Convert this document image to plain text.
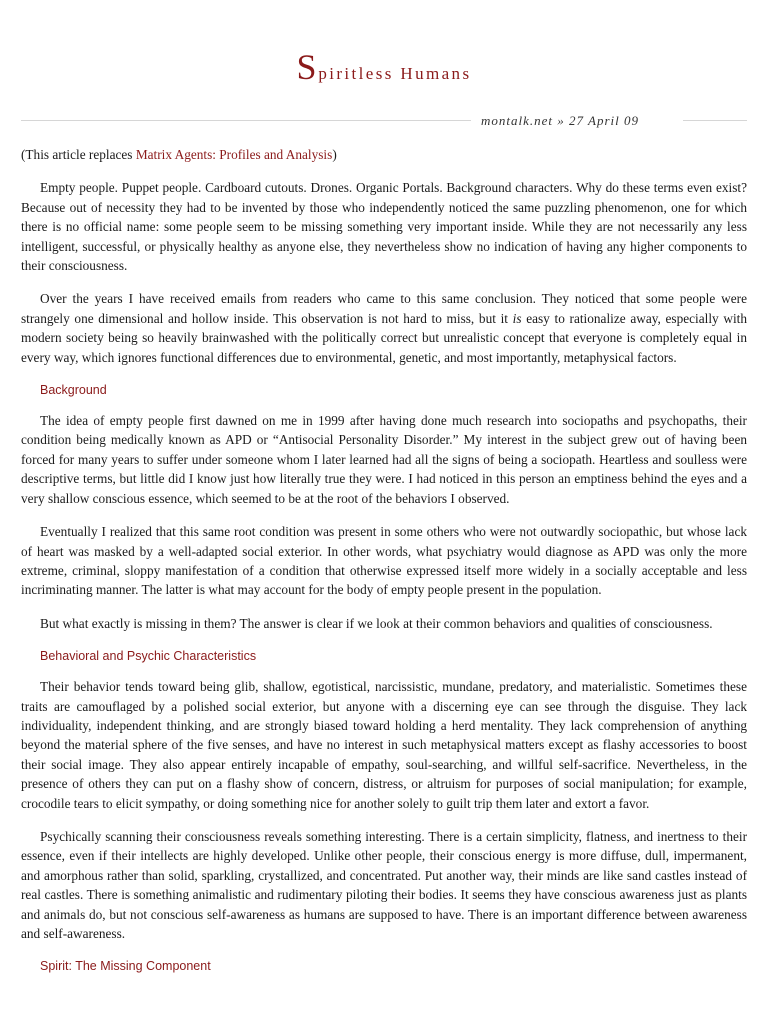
Spiritless Humans
montalk.net » 27 April 09

(This article replaces Matrix Agents: Profiles and Analysis)

Empty people. Puppet people. Cardboard cutouts. Drones. Organic Portals. Background characters. Why do these terms even exist? Because out of necessity they had to be invented by those who independently noticed the same puzzling phenomenon, one for which there is no official name: some people seem to be missing something very important inside. While they are not necessarily any less intelligent, successful, or physically healthy as anyone else, they nevertheless show no indication of having any higher components to their consciousness.

Over the years I have received emails from readers who came to this same conclusion. They noticed that some people were strangely one dimensional and hollow inside. This observation is not hard to miss, but it is easy to rationalize away, especially with modern society being so heavily brainwashed with the politically correct but unrealistic concept that everyone is completely equal in every way, which ignores functional differences due to environmental, genetic, and most importantly, metaphysical factors.

Background

The idea of empty people first dawned on me in 1999 after having done much research into sociopaths and psychopaths, their condition being medically known as APD or “Antisocial Personality Disorder.” My interest in the subject grew out of having been forced for many years to suffer under someone whom I later learned had all the signs of being a sociopath. Heartless and soulless were descriptive terms, but little did I know just how literally true they were. I had noticed in this person an emptiness behind the eyes and a very shallow conscious essence, which seemed to be at the root of the behaviors I observed.

Eventually I realized that this same root condition was present in some others who were not outwardly sociopathic, but whose lack of heart was masked by a well-adapted social exterior. In other words, what psychiatry would diagnose as APD was only the more extreme, criminal, sloppy manifestation of a condition that otherwise expressed itself more widely in a socially acceptable and less incriminating manner. The latter is what may account for the body of empty people present in the population.

But what exactly is missing in them? The answer is clear if we look at their common behaviors and qualities of consciousness.

Behavioral and Psychic Characteristics

Their behavior tends toward being glib, shallow, egotistical, narcissistic, mundane, predatory, and materialistic. Sometimes these traits are camouflaged by a polished social exterior, but anyone with a discerning eye can see through the disguise. They lack individuality, independent thinking, and are strongly biased toward holding a herd mentality. They lack comprehension of anything beyond the material sphere of the five senses, and have no interest in such metaphysical matters except as flashy accessories to boost their social image. They also appear entirely incapable of empathy, soul-searching, and willful self-sacrifice. Nevertheless, in the presence of others they can put on a flashy show of concern, distress, or altruism for purposes of social manipulation; for example, crocodile tears to elicit sympathy, or doing something nice for another solely to guilt trip them later and extort a favor.

Psychically scanning their consciousness reveals something interesting. There is a certain simplicity, flatness, and inertness to their essence, even if their intellects are highly developed. Unlike other people, their conscious energy is more diffuse, dull, impermanent, and amorphous rather than solid, sparkling, crystallized, and concentrated. Put another way, their minds are like sand castles instead of real castles. There is something animalistic and rudimentary piloting their bodies. It seems they have conscious awareness just as plants and animals do, but not conscious self-awareness as humans are supposed to have. There is an important difference between awareness and self-awareness.

Spirit: The Missing Component
